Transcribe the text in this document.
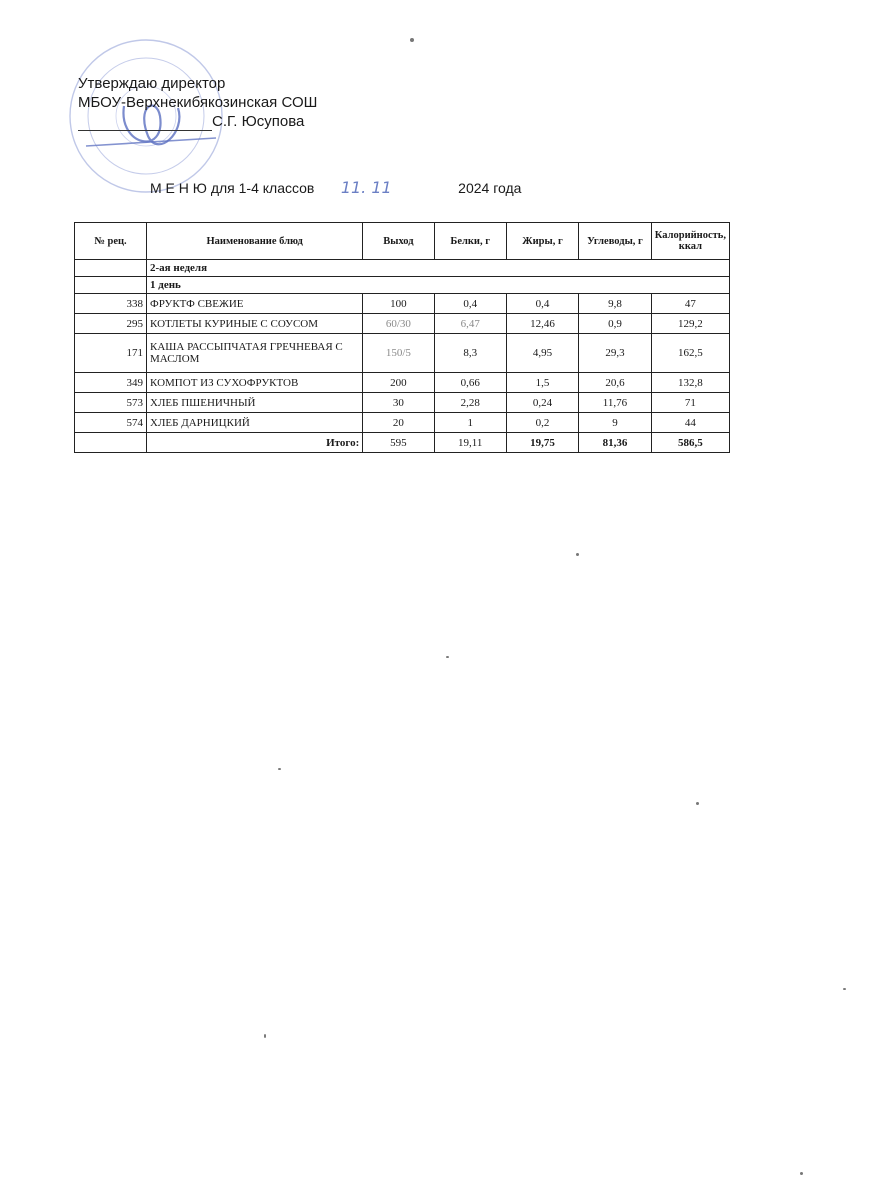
Утверждаю директор
МБОУ-Верхнекибякозинская СОШ
С.Г. Юсупова
М Е Н Ю для 1-4 классов 11. 11	2024 года
№ рец.	Наименование блюд	Выход	Белки, г	Жиры, г	Углеводы, г	Калорийность, ккал
	2-ая неделя					
	1 день					
338	ФРУКТФ СВЕЖИЕ	100	0,4	0,4	9,8	47
295	КОТЛЕТЫ КУРИНЫЕ С СОУСОМ	60/30	6,47	12,46	0,9	129,2
171	КАША РАССЫПЧАТАЯ ГРЕЧНЕВАЯ С МАСЛОМ	150/5	8,3	4,95	29,3	162,5
349	КОМПОТ ИЗ СУХОФРУКТОВ	200	0,66	1,5	20,6	132,8
573	ХЛЕБ ПШЕНИЧНЫЙ	30	2,28	0,24	11,76	71
574	ХЛЕБ ДАРНИЦКИЙ	20	1	0,2	9	44
	Итого:	595	19,11	19,75	81,36	586,5
